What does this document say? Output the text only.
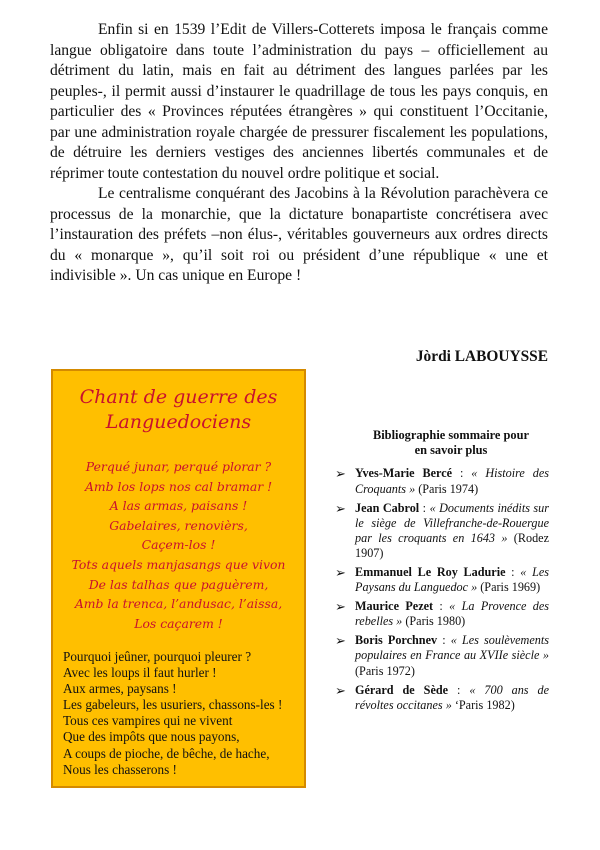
Enfin si en 1539 l’Edit de Villers-Cotterets imposa le français comme langue obligatoire dans toute l’administration du pays – officiellement au détriment du latin, mais en fait au détriment des langues parlées par les peuples-, il permit aussi d’instaurer le quadrillage de tous les pays conquis, en particulier des « Provinces réputées étrangères » qui constituent l’Occitanie, par une administration royale chargée de pressurer fiscalement les populations, de détruire les derniers vestiges des anciennes libertés communales et de réprimer toute contestation du nouvel ordre politique et social.

Le centralisme conquérant des Jacobins à la Révolution parachèvera ce processus de la monarchie, que la dictature bonapartiste concrétisera avec l’instauration des préfets –non élus-, véritables gouverneurs aux ordres directs du « monarque », qu’il soit roi ou président d’une république « une et indivisible ». Un cas unique en Europe !

Jòrdi LABOUYSSE
Chant de guerre des
Languedociens
Perqué junar, perqué plorar ?
Amb los lops nos cal bramar !
A las armas, paisans !
Gabelaires, renovièrs,
Caçem-los !
Tots aquels manjasangs que vivon
De las talhas que paguèrem,
Amb la trenca, l’andusac, l’aissa,
Los caçarem !
Pourquoi jeûner, pourquoi pleurer ?
Avec les loups il faut hurler !
Aux armes, paysans !
Les gabeleurs, les usuriers, chassons-les !
Tous ces vampires qui ne vivent
Que des impôts que nous payons,
A coups de pioche, de bêche, de hache,
Nous les chasserons !
Bibliographie sommaire pour
en savoir plus
➢ Yves-Marie Bercé : « Histoire des Croquants » (Paris 1974)
➢ Jean Cabrol : « Documents inédits sur le siège de Villefranche-de-Rouergue par les croquants en 1643 » (Rodez 1907)
➢ Emmanuel Le Roy Ladurie : « Les Paysans du Languedoc » (Paris 1969)
➢ Maurice Pezet : « La Provence des rebelles » (Paris 1980)
➢ Boris Porchnev : « Les soulèvements populaires en France au XVIIe siècle » (Paris 1972)
➢ Gérard de Sède : « 700 ans de révoltes occitanes » ‘Paris 1982)
